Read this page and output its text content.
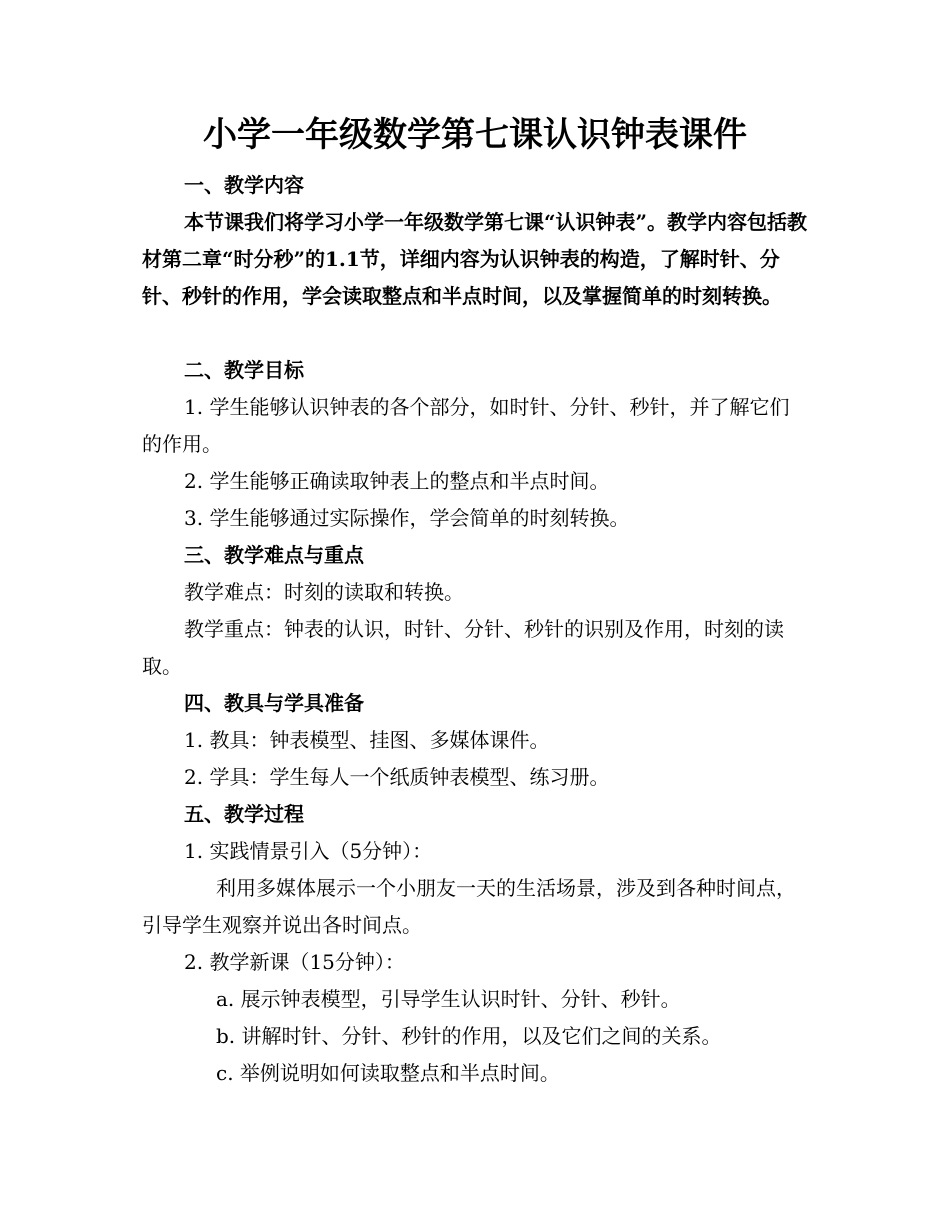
小学一年级数学第七课认识钟表课件
一、教学内容
本节课我们将学习小学一年级数学第七课“认识钟表”。教学内容包括教材第二章“时分秒”的1.1节，详细内容为认识钟表的构造，了解时针、分针、秒针的作用，学会读取整点和半点时间，以及掌握简单的时刻转换。
二、教学目标
1. 学生能够认识钟表的各个部分，如时针、分针、秒针，并了解它们的作用。
2. 学生能够正确读取钟表上的整点和半点时间。
3. 学生能够通过实际操作，学会简单的时刻转换。
三、教学难点与重点
教学难点：时刻的读取和转换。
教学重点：钟表的认识，时针、分针、秒针的识别及作用，时刻的读取。
四、教具与学具准备
1. 教具：钟表模型、挂图、多媒体课件。
2. 学具：学生每人一个纸质钟表模型、练习册。
五、教学过程
1. 实践情景引入（5分钟）：
利用多媒体展示一个小朋友一天的生活场景，涉及到各种时间点，引导学生观察并说出各时间点。
2. 教学新课（15分钟）：
a. 展示钟表模型，引导学生认识时针、分针、秒针。
b. 讲解时针、分针、秒针的作用，以及它们之间的关系。
c. 举例说明如何读取整点和半点时间。
